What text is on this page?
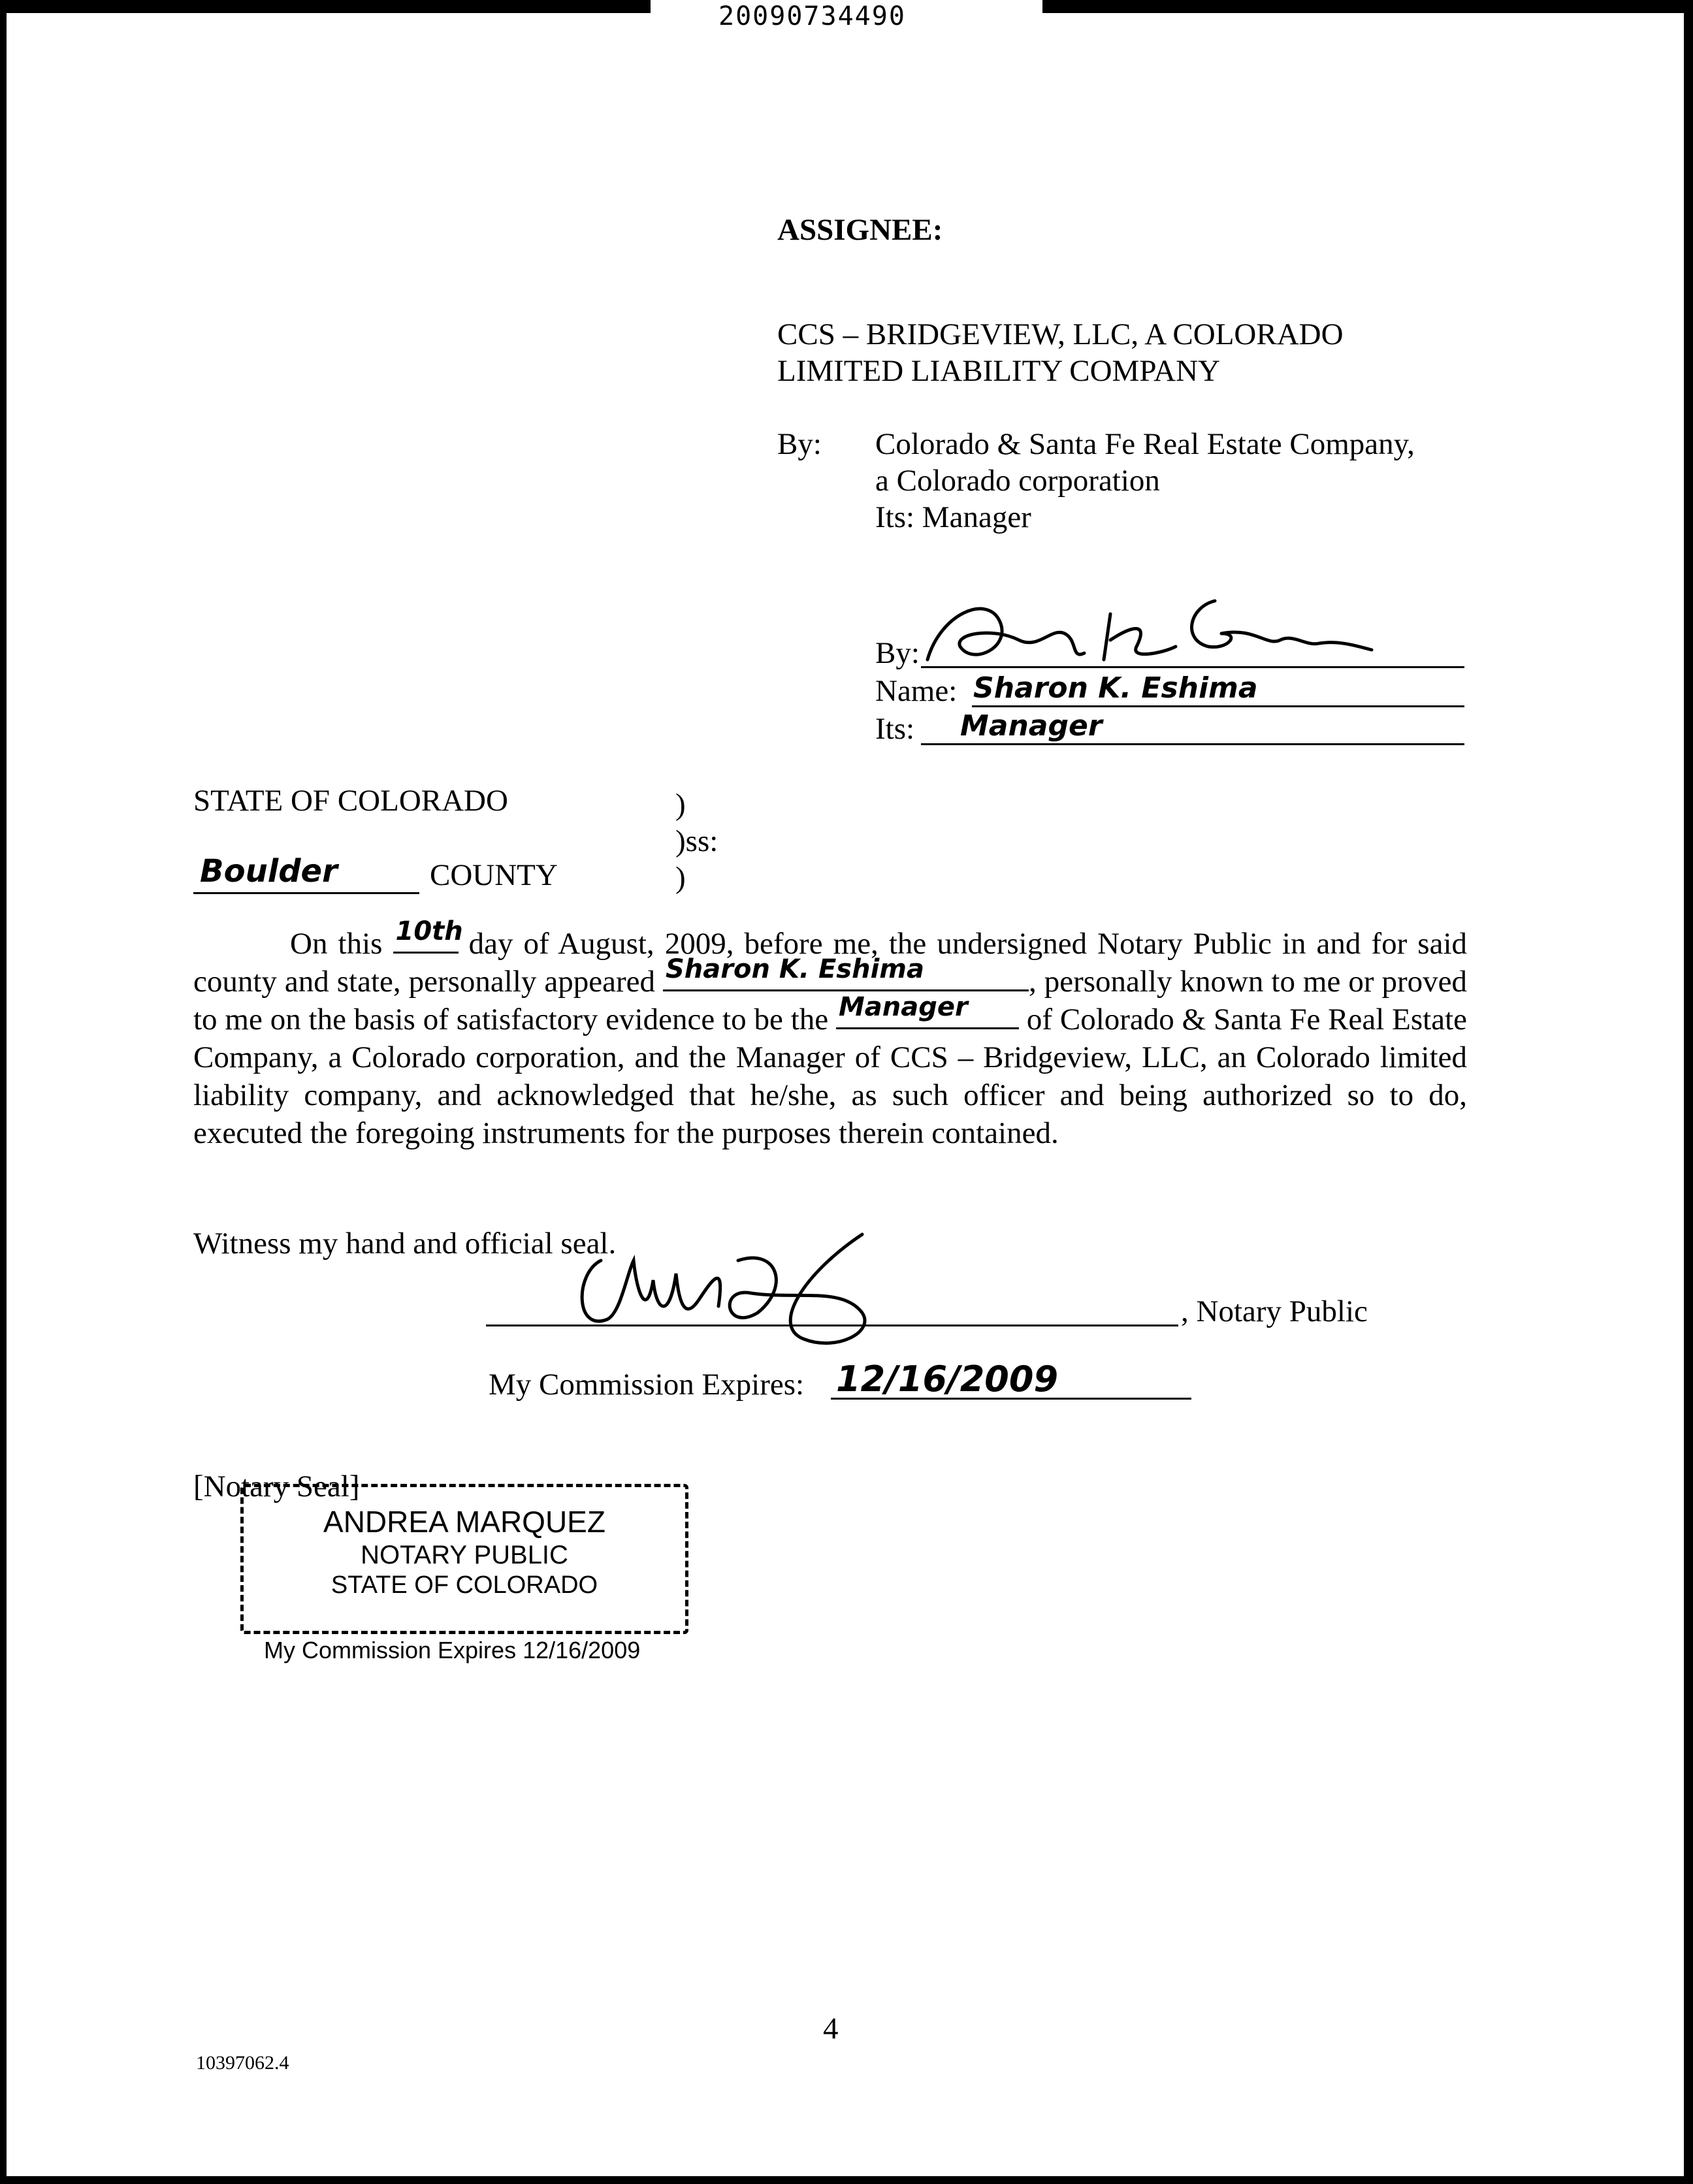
20090734490
ASSIGNEE:
CCS – BRIDGEVIEW, LLC, A COLORADO
LIMITED LIABILITY COMPANY
By: Colorado & Santa Fe Real Estate Company,
a Colorado corporation
Its: Manager
By:
Name: Sharon K. Eshima
Its: Manager
STATE OF COLORADO	)
)ss:
)
Boulder	COUNTY
On this 10th day of August, 2009, before me, the undersigned Notary Public in and for said county and state, personally appeared Sharon K. Eshima	, personally known to me or proved to me on the basis of satisfactory evidence to be the Manager of Colorado & Santa Fe Real Estate Company, a Colorado corporation, and the Manager of CCS – Bridgeview, LLC, an Colorado limited liability company, and acknowledged that he/she, as such officer and being authorized so to do, executed the foregoing instruments for the purposes therein contained.
Witness my hand and official seal.
, Notary Public
My Commission Expires: 12/16/2009
[Notary Seal]
ANDREA MARQUEZ
NOTARY PUBLIC
STATE OF COLORADO
My Commission Expires 12/16/2009
4
10397062.4
